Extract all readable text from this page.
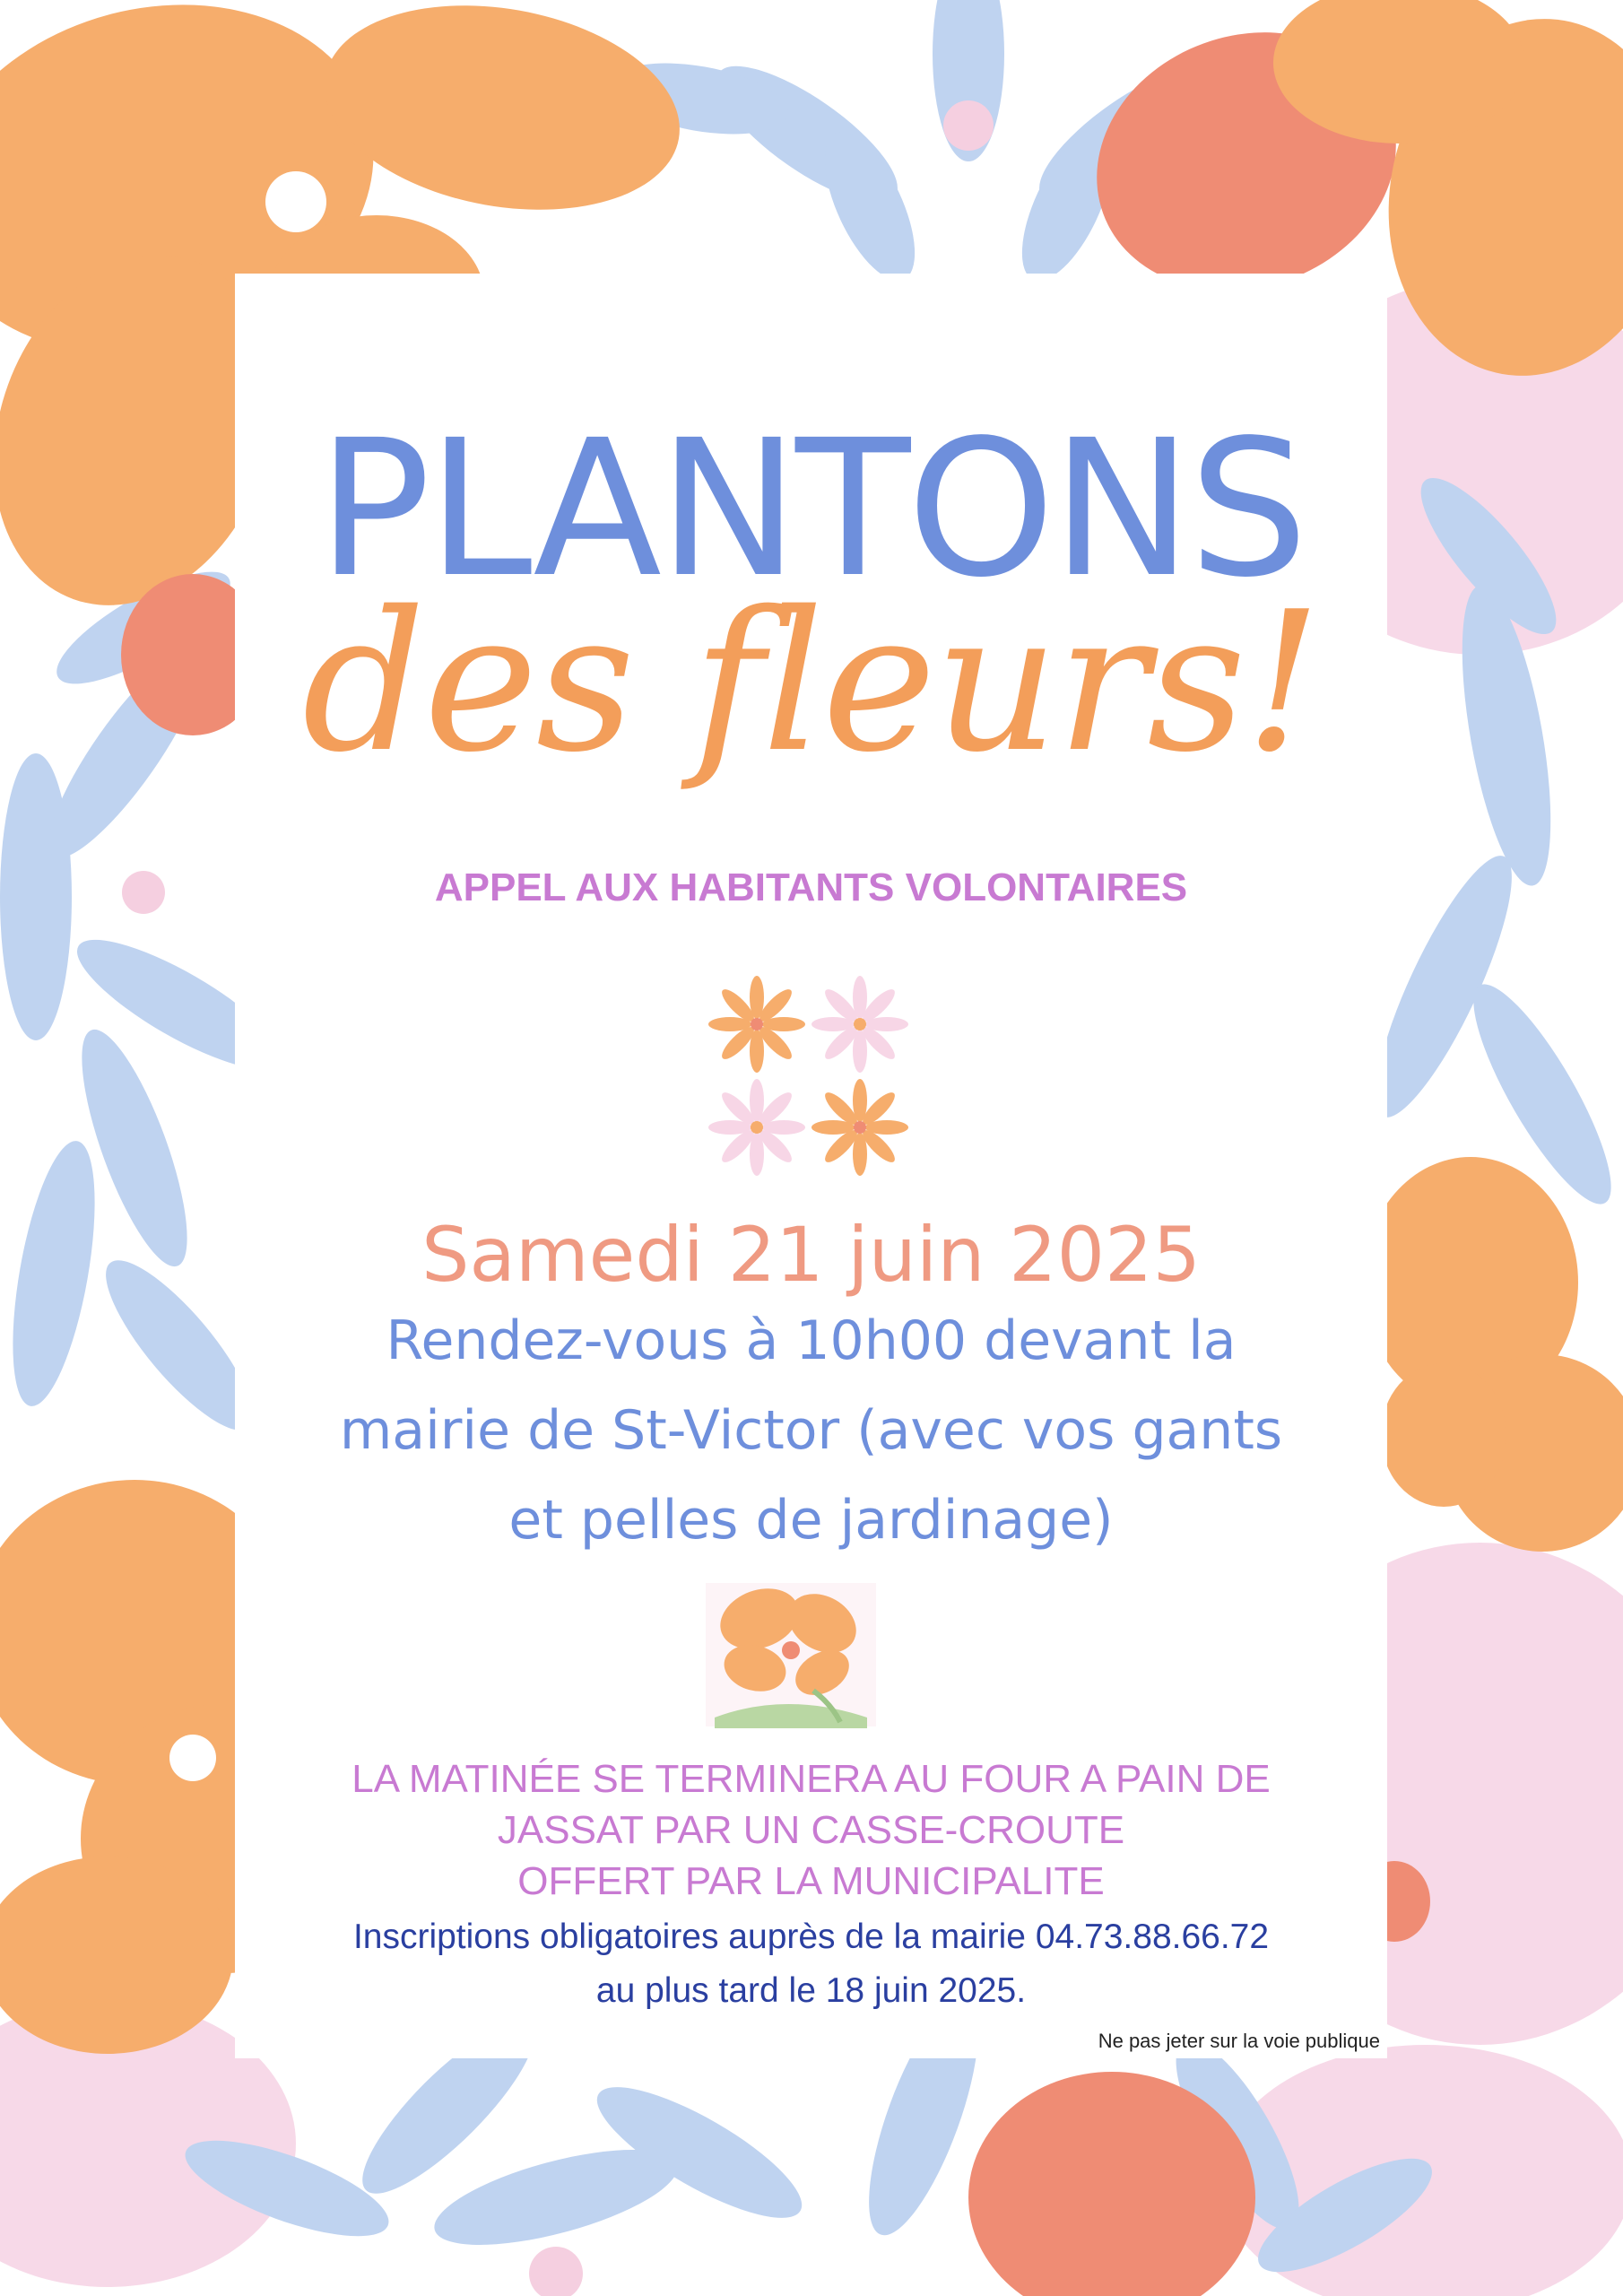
PLANTONS
des fleurs!
APPEL AUX HABITANTS VOLONTAIRES
Samedi 21 juin 2025
Rendez-vous à 10h00 devant la
mairie de St-Victor (avec vos gants
et pelles de jardinage)
LA MATINÉE SE TERMINERA AU FOUR A PAIN DE
JASSAT PAR UN CASSE-CROUTE
OFFERT PAR LA MUNICIPALITE
Inscriptions obligatoires auprès de la mairie 04.73.88.66.72
au plus tard le 18 juin 2025.
Ne pas jeter sur la voie publique
